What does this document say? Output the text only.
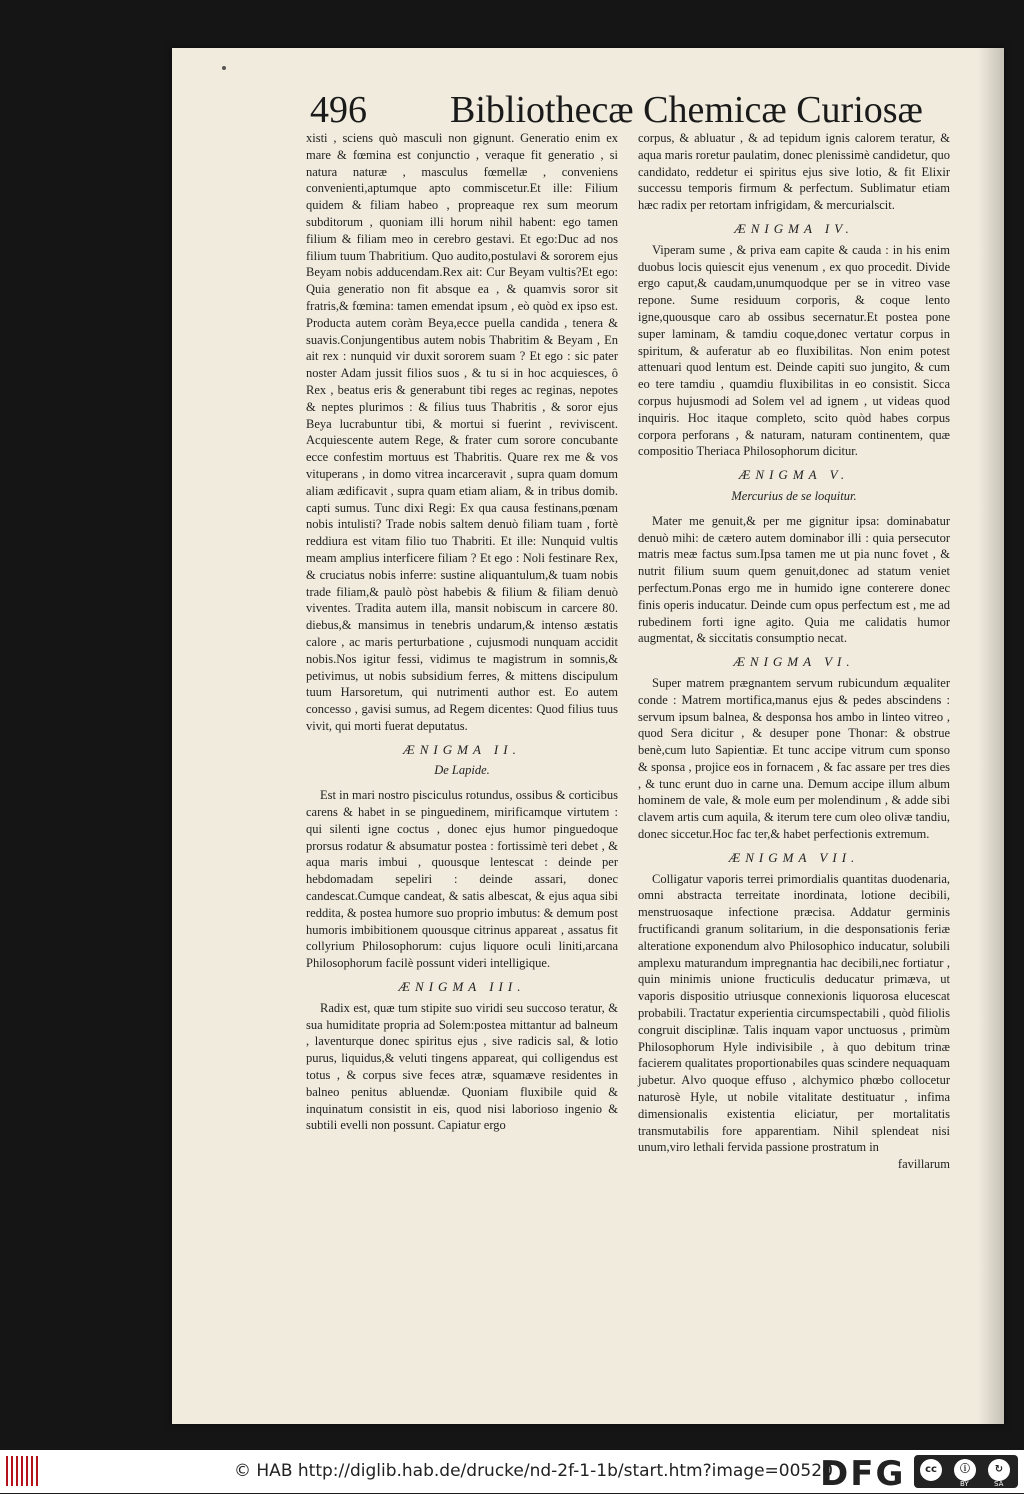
496 Bibliothecæ Chemicæ Curiosæ

xisti , sciens quò masculi non gignunt. Generatio enim ex mare & fœmina est conjunctio , veraque fit generatio , si natura naturæ , masculus fœmellæ , conveniens convenienti,aptumque apto commiscetur.Et ille: Filium quidem & filiam habeo , propreaque rex sum meorum subditorum , quoniam illi horum nihil habent: ego tamen filium & filiam meo in cerebro gestavi. Et ego:Duc ad nos filium tuum Thabritium. Quo audito,postulavi & sororem ejus Beyam nobis adducendam.Rex ait: Cur Beyam vultis?Et ego: Quia generatio non fit absque ea , & quamvis soror sit fratris,& fœmina: tamen emendat ipsum , eò quòd ex ipso est. Producta autem coràm Beya,ecce puella candida , tenera & suavis.Conjungentibus autem nobis Thabritim & Beyam , En ait rex : nunquid vir duxit sororem suam ? Et ego : sic pater noster Adam jussit filios suos , & tu si in hoc acquiesces, ô Rex , beatus eris & generabunt tibi reges ac reginas, nepotes & neptes plurimos : & filius tuus Thabritis , & soror ejus Beya lucrabuntur tibi, & mortui si fuerint , reviviscent. Acquiescente autem Rege, & frater cum sorore concubante ecce confestim mortuus est Thabritis. Quare rex me & vos vituperans , in domo vitrea incarceravit , supra quam domum aliam ædificavit , supra quam etiam aliam, & in tribus domib. capti sumus. Tunc dixi Regi: Ex qua causa festinans,pœnam nobis intulisti? Trade nobis saltem denuò filiam tuam , fortè reddiura est vitam filio tuo Thabriti. Et ille: Nunquid vultis meam amplius interficere filiam ? Et ego : Noli festinare Rex, & cruciatus nobis inferre: sustine aliquantulum,& tuam nobis trade filiam,& paulò pòst habebis & filium & filiam denuò viventes. Tradita autem illa, mansit nobiscum in carcere 80. diebus,& mansimus in tenebris undarum,& intenso æstatis calore , ac maris perturbatione , cujusmodi nunquam accidit nobis.Nos igitur fessi, vidimus te magistrum in somnis,& petivimus, ut nobis subsidium ferres, & mittens discipulum tuum Harsoretum, qui nutrimenti author est. Eo autem concesso , gavisi sumus, ad Regem dicentes: Quod filius tuus vivit, qui morti fuerat deputatus.

ÆNIGMA II.
De Lapide.

Est in mari nostro pisciculus rotundus, ossibus & corticibus carens & habet in se pinguedinem, mirificamque virtutem : qui silenti igne coctus , donec ejus humor pinguedoque prorsus rodatur & absumatur postea : fortissimè teri debet , & aqua maris imbui , quousque lentescat : deinde per hebdomadam sepeliri : deinde assari, donec candescat.Cumque candeat, & satis albescat, & ejus aqua sibi reddita, & postea humore suo proprio imbutus: & demum post humoris imbibitionem quousque citrinus appareat , assatus fit collyrium Philosophorum: cujus liquore oculi liniti,arcana Philosophorum facilè possunt videri intelligique.

ÆNIGMA III.

Radix est, quæ tum stipite suo viridi seu succoso teratur, & sua humiditate propria ad Solem:postea mittantur ad balneum , laventurque donec spiritus ejus , sive radicis sal, & lotio purus, liquidus,& veluti tingens appareat, qui colligendus est totus , & corpus sive feces atræ, squamæve residentes in balneo penitus abluendæ. Quoniam fluxibile quid & inquinatum consistit in eis, quod nisi laborioso ingenio & subtili evelli non possunt. Capiatur ergo

corpus, & abluatur , & ad tepidum ignis calorem teratur, & aqua maris roretur paulatim, donec plenissimè candidetur, quo candidato, reddetur ei spiritus ejus sive lotio, & fit Elixir successu temporis firmum & perfectum. Sublimatur etiam hæc radix per retortam infrigidam, & mercurialscit.

ÆNIGMA IV.

Viperam sume , & priva eam capite & cauda : in his enim duobus locis quiescit ejus venenum , ex quo procedit. Divide ergo caput,& caudam,unumquodque per se in vitreo vase repone. Sume residuum corporis, & coque lento igne,quousque caro ab ossibus secernatur.Et postea pone super laminam, & tamdiu coque,donec vertatur corpus in spiritum, & auferatur ab eo fluxibilitas. Non enim potest attenuari quod lentum est. Deinde capiti suo jungito, & cum eo tere tamdiu , quamdiu fluxibilitas in eo consistit. Sicca corpus hujusmodi ad Solem vel ad ignem , ut videas quod inquiris. Hoc itaque completo, scito quòd habes corpus corpora perforans , & naturam, naturam continentem, quæ compositio Theriaca Philosophorum dicitur.

ÆNIGMA V.
Mercurius de se loquitur.

Mater me genuit,& per me gignitur ipsa: dominabatur denuò mihi: de cætero autem dominabor illi : quia persecutor matris meæ factus sum.Ipsa tamen me ut pia nunc fovet , & nutrit filium suum quem genuit,donec ad statum veniet perfectum.Ponas ergo me in humido igne conterere donec finis operis inducatur. Deinde cum opus perfectum est , me ad rubedinem forti igne agito. Quia me calidatis humor augmentat, & siccitatis consumptio necat.

ÆNIGMA VI.

Super matrem prægnantem servum rubicundum æqualiter conde : Matrem mortifica,manus ejus & pedes abscindens : servum ipsum balnea, & desponsa hos ambo in linteo vitreo , quod Sera dicitur , & desuper pone Thonar: & obstrue benè,cum luto Sapientiæ. Et tunc accipe vitrum cum sponso & sponsa , projice eos in fornacem , & fac assare per tres dies , & tunc erunt duo in carne una. Demum accipe illum album hominem de vale, & mole eum per molendinum , & adde sibi clavem artis cum aquila, & iterum tere cum oleo olivæ tandiu, donec siccetur.Hoc fac ter,& habet perfectionis extremum.

ÆNIGMA VII.

Colligatur vaporis terrei primordialis quantitas duodenaria, omni abstracta terreitate inordinata, lotione decibili, menstruosaque infectione præcisa. Addatur germinis fructificandi granum solitarium, in die desponsationis feriæ alteratione exponendum alvo Philosophico inducatur, solubili amplexu maturandum impregnantia hac decibili,nec fortiatur , quin minimis unione fructiculis deducatur primæva, ut vaporis dispositio utriusque connexionis liquorosa elucescat probabili. Tractatur experientia circumspectabili , quòd filiolis congruit disciplinæ. Talis inquam vapor unctuosus , primùm Philosophorum Hyle indivisibile , à quo debitum trinæ facierem qualitates proportionabiles quas scindere nequaquam jubetur. Alvo quoque effuso , alchymico phœbo collocetur naturosè Hyle, ut nobile vitalitate destituatur , infima dimensionalis existentia eliciatur, per mortalitatis transmutabilis fore apparentiam. Nihil splendeat nisi unum,viro lethali fervida passione prostratum in

favillarum

© HAB http://diglib.hab.de/drucke/nd-2f-1-1b/start.htm?image=00520
DFG	cc	ⓘ	↻
BY	SA
